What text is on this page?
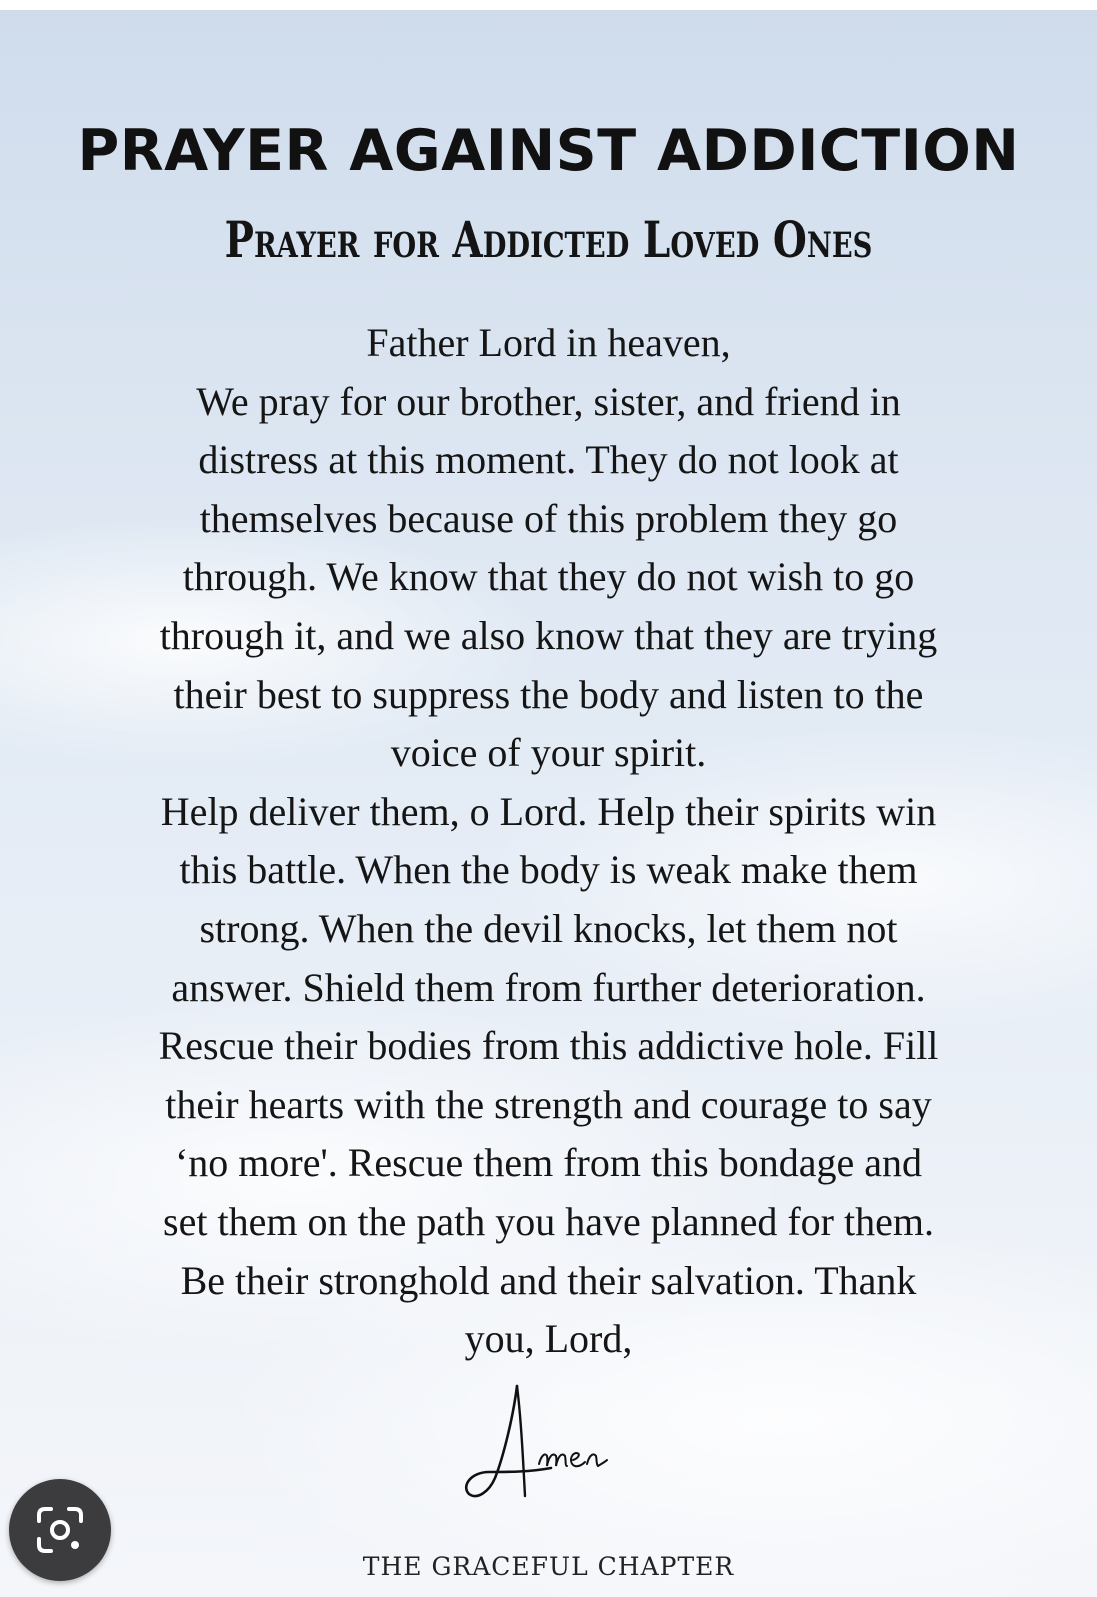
PRAYER AGAINST ADDICTION
Prayer for Addicted Loved Ones
Father Lord in heaven,
We pray for our brother, sister, and friend in
distress at this moment. They do not look at
themselves because of this problem they go
through. We know that they do not wish to go
through it, and we also know that they are trying
their best to suppress the body and listen to the
voice of your spirit.
Help deliver them, o Lord. Help their spirits win
this battle. When the body is weak make them
strong. When the devil knocks, let them not
answer. Shield them from further deterioration.
Rescue their bodies from this addictive hole. Fill
their hearts with the strength and courage to say
‘no more'. Rescue them from this bondage and
set them on the path you have planned for them.
Be their stronghold and their salvation. Thank
you, Lord,
THE GRACEFUL CHAPTER
